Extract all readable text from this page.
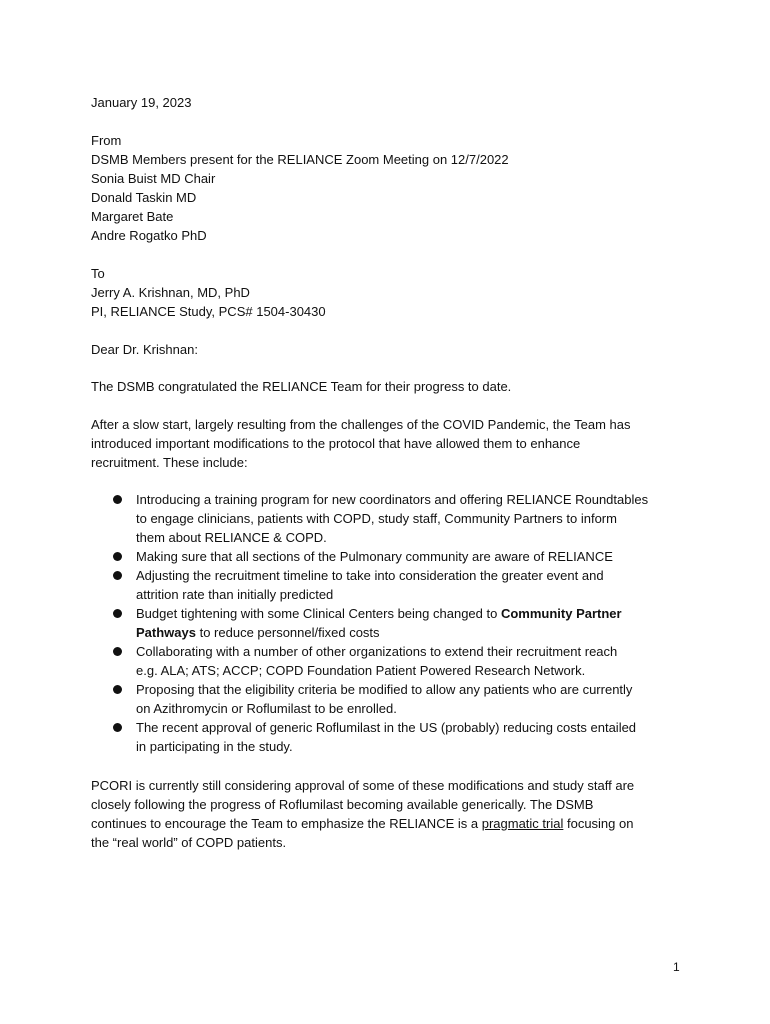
January 19, 2023

From
DSMB Members present for the RELIANCE Zoom Meeting on 12/7/2022
Sonia Buist MD Chair
Donald Taskin MD
Margaret Bate
Andre Rogatko PhD

To
Jerry A. Krishnan, MD, PhD
PI, RELIANCE Study, PCS# 1504-30430

Dear Dr. Krishnan:

The DSMB congratulated the RELIANCE Team for their progress to date.

After a slow start, largely resulting from the challenges of the COVID Pandemic, the Team has
introduced important modifications to the protocol that have allowed them to enhance
recruitment. These include:

Introducing a training program for new coordinators and offering RELIANCE Roundtables
to engage clinicians, patients with COPD, study staff, Community Partners to inform
them about RELIANCE & COPD.
Making sure that all sections of the Pulmonary community are aware of RELIANCE
Adjusting the recruitment timeline to take into consideration the greater event and
attrition rate than initially predicted
Budget tightening with some Clinical Centers being changed to Community Partner
Pathways to reduce personnel/fixed costs
Collaborating with a number of other organizations to extend their recruitment reach
e.g. ALA; ATS; ACCP; COPD Foundation Patient Powered Research Network.
Proposing that the eligibility criteria be modified to allow any patients who are currently
on Azithromycin or Roflumilast to be enrolled.
The recent approval of generic Roflumilast in the US (probably) reducing costs entailed
in participating in the study.

PCORI is currently still considering approval of some of these modifications and study staff are
closely following the progress of Roflumilast becoming available generically. The DSMB
continues to encourage the Team to emphasize the RELIANCE is a pragmatic trial focusing on
the “real world” of COPD patients.

1
